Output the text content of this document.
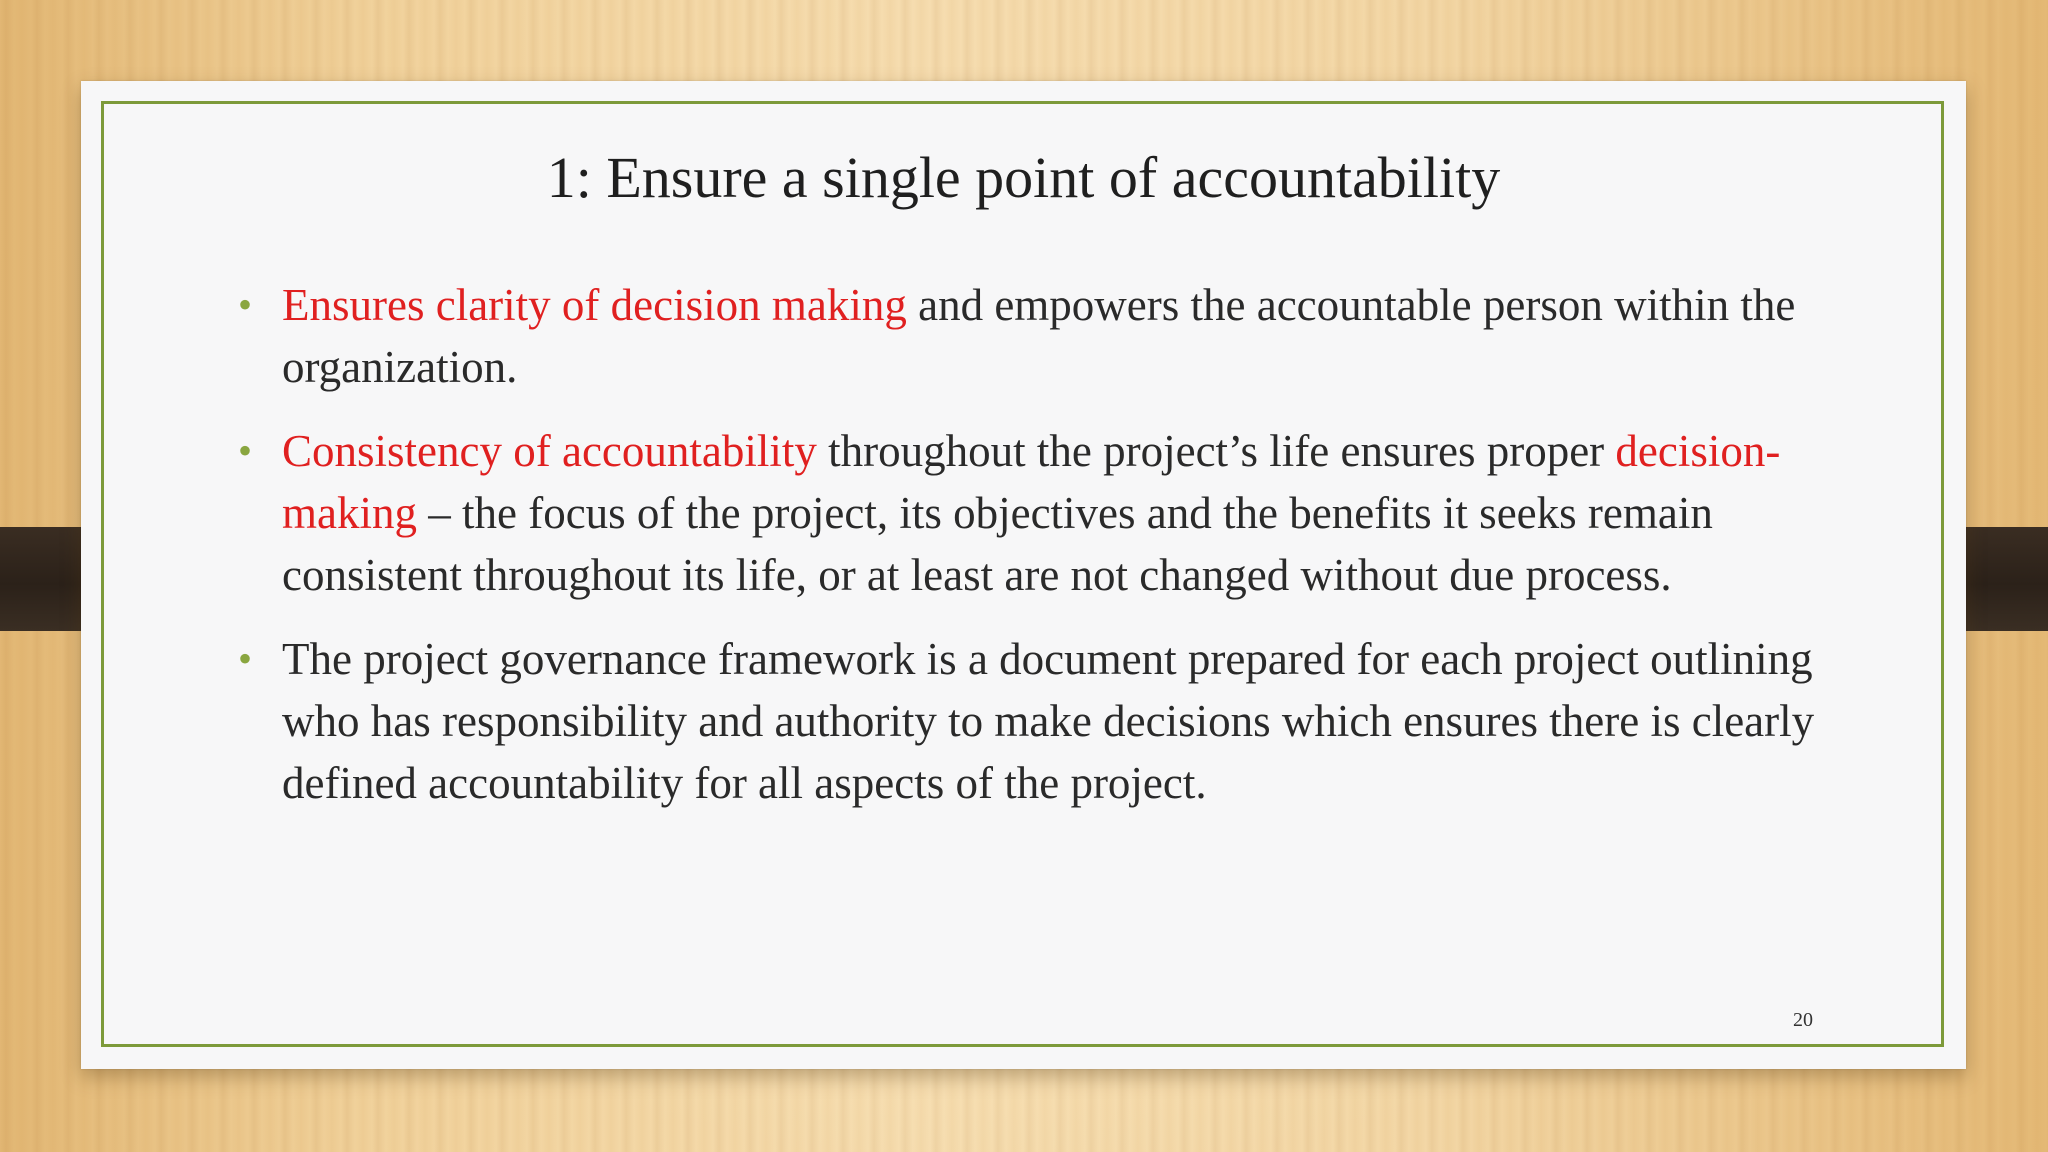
1: Ensure a single point of accountability
• Ensures clarity of decision making and empowers the accountable person within the organization.
• Consistency of accountability throughout the project’s life ensures proper decision-making – the focus of the project, its objectives and the benefits it seeks remain consistent throughout its life, or at least are not changed without due process.
• The project governance framework is a document prepared for each project outlining who has responsibility and authority to make decisions which ensures there is clearly defined accountability for all aspects of the project.
20
